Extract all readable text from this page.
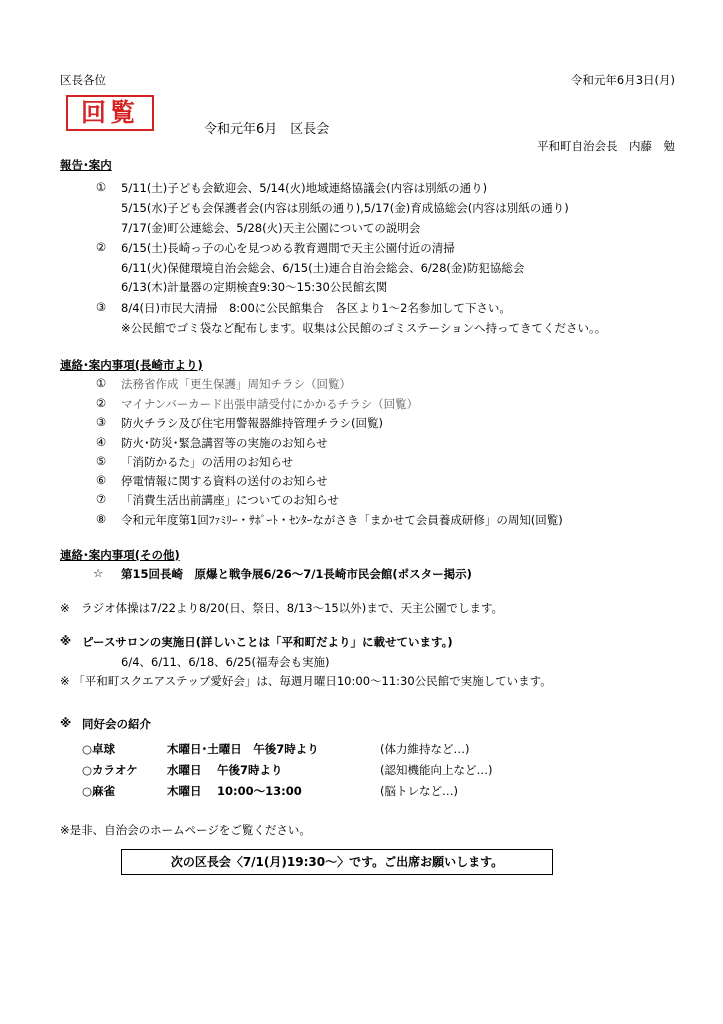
区長各位	令和元年6月3日(月)
回覧
令和元年6月　区長会
平和町自治会長　内藤　勉
報告･案内
①	5/11(土)子ども会歓迎会、5/14(火)地域連絡協議会(内容は別紙の通り)
5/15(水)子ども会保護者会(内容は別紙の通り),5/17(金)育成協総会(内容は別紙の通り)
7/17(金)町公連総会、5/28(火)天主公園についての説明会
②	6/15(土)長崎っ子の心を見つめる教育週間で天主公園付近の清掃
6/11(火)保健環境自治会総会、6/15(土)連合自治会総会、6/28(金)防犯協総会
6/13(木)計量器の定期検査9:30～15:30公民館玄関
③	8/4(日)市民大清掃　8:00に公民館集合　各区より1～2名参加して下さい。
※公民館でゴミ袋など配布します。収集は公民館のゴミステーションへ持ってきてください。。
連絡･案内事項(長崎市より)
①	法務省作成「更生保護」周知チラシ（回覧）
②	マイナンバーカード出張申請受付にかかるチラシ（回覧）
③	防火チラシ及び住宅用警報器維持管理チラシ(回覧)
④	防火･防災･緊急講習等の実施のお知らせ
⑤	「消防かるた」の活用のお知らせ
⑥	停電情報に関する資料の送付のお知らせ
⑦	「消費生活出前講座」についてのお知らせ
⑧	令和元年度第1回ﾌｧﾐﾘｰ・ｻﾎﾟｰﾄ・ｾﾝﾀｰながさき「まかせて会員養成研修」の周知(回覧)
連絡･案内事項(その他)
☆ 第15回長崎　原爆と戦争展6/26～7/1長崎市民会館(ポスター掲示)
※　ラジオ体操は7/22より8/20(日、祭日、8/13～15以外)まで、天主公園でします。
※ ピースサロンの実施日(詳しいことは「平和町だより」に載せています。)
6/4、6/11、6/18、6/25(福寿会も実施)
※ 「平和町スクエアステップ愛好会」は、毎週月曜日10:00～11:30公民館で実施しています。
※ 同好会の紹介
○卓球	木曜日･土曜日　午後7時より	(体力維持など…)
○カラオケ	水曜日　 午後7時より	(認知機能向上など…)
○麻雀	木曜日　 10:00～13:00	(脳トレなど…)
※是非、自治会のホームページをご覧ください。
次の区長会〈7/1(月)19:30～〉です。ご出席お願いします。
